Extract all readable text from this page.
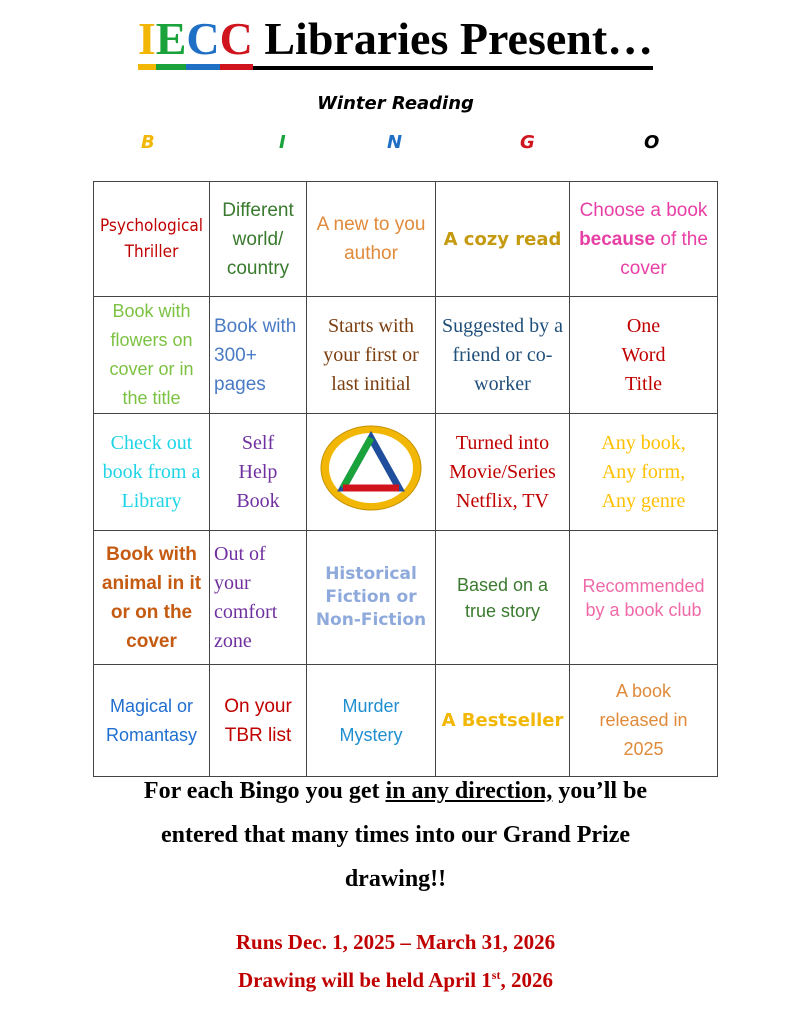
IECC Libraries Present…
Winter Reading
B	I	N	G	O
Psychological Thriller	Different world/ country	A new to you author	A cozy read	Choose a book because of the cover
Book with flowers on cover or in the title	Book with 300+ pages	Starts with your first or last initial	Suggested by a friend or co-worker	One Word Title
Check out book from a Library	Self Help Book		Turned into Movie/Series Netflix, TV	Any book, Any form, Any genre
Book with animal in it or on the cover	Out of your comfort zone	Historical Fiction or Non-Fiction	Based on a true story	Recommended by a book club
Magical or Romantasy	On your TBR list	Murder Mystery	A Bestseller	A book released in 2025
For each Bingo you get in any direction, you’ll be
entered that many times into our Grand Prize
drawing!!
Runs Dec. 1, 2025 – March 31, 2026
Drawing will be held April 1st, 2026
